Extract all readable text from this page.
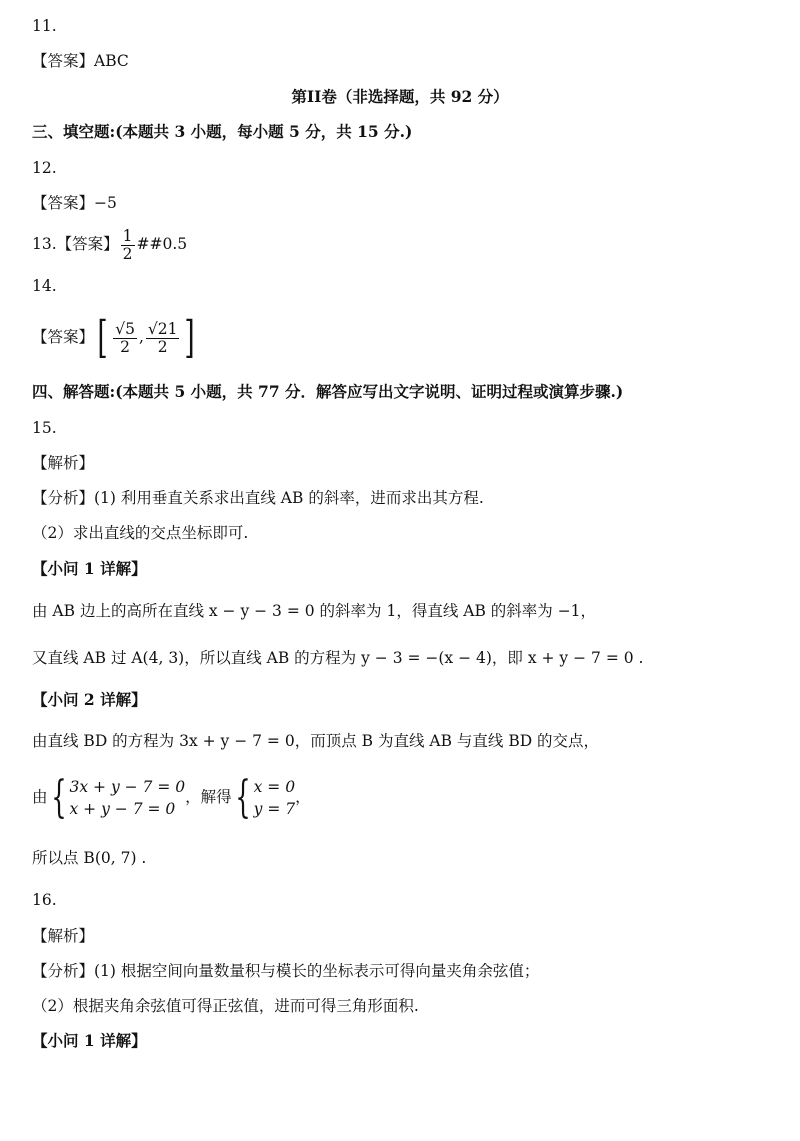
11.
【答案】ABC
第II卷（非选择题，共 92 分）
三、填空题:(本题共 3 小题，每小题 5 分，共 15 分.)
12.
【答案】−5
13.【答案】 $\frac{1}{2}$ ##0.5
14.
【答案】[ $\frac{√5}{2}$ , $\frac{√21}{2}$ ]
四、解答题:(本题共 5 小题，共 77 分．解答应写出文字说明、证明过程或演算步骤.)
15.
【解析】
【分析】(1) 利用垂直关系求出直线 AB 的斜率，进而求出其方程.
（2）求出直线的交点坐标即可.
【小问 1 详解】
由 AB 边上的高所在直线 x − y − 3 = 0 的斜率为 1，得直线 AB 的斜率为 −1，
又直线 AB 过 A(4, 3)，所以直线 AB 的方程为 y − 3 = −(x − 4)，即 x + y − 7 = 0 .
【小问 2 详解】
由直线 BD 的方程为 3x + y − 7 = 0，而顶点 B 为直线 AB 与直线 BD 的交点，
由{ 3x + y − 7 = 0
x + y − 7 = 0
，解得{ x = 0
y = 7
，
所以点 B(0, 7) .
16.
【解析】
【分析】(1) 根据空间向量数量积与模长的坐标表示可得向量夹角余弦值；
（2）根据夹角余弦值可得正弦值，进而可得三角形面积.
【小问 1 详解】
